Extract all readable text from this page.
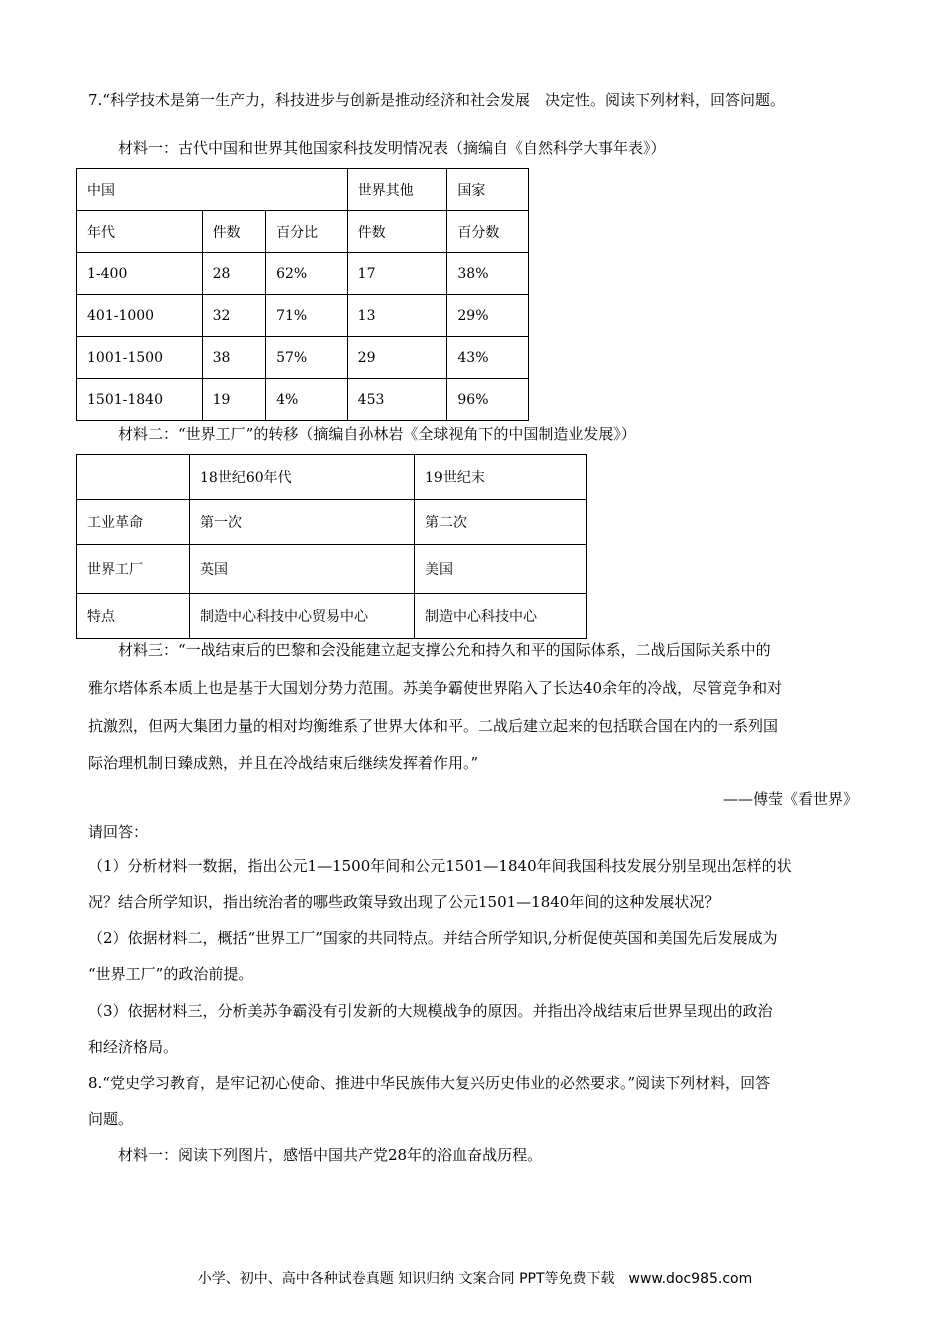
7.“科学技术是第一生产力，科技进步与创新是推动经济和社会发展　决定性。阅读下列材料，回答问题。
材料一：古代中国和世界其他国家科技发明情况表（摘编自《自然科学大事年表》）
中国			世界其他	国家
年代	件数	百分比	件数	百分数
1-400	28	62%	17	38%
401-1000	32	71%	13	29%
1001-1500	38	57%	29	43%
1501-1840	19	4%	453	96%
材料二：“世界工厂”的转移（摘编自孙林岩《全球视角下的中国制造业发展》）
	18世纪60年代	19世纪末
工业革命	第一次	第二次
世界工厂	英国	美国
特点	制造中心科技中心贸易中心	制造中心科技中心
材料三：“一战结束后的巴黎和会没能建立起支撑公允和持久和平的国际体系，二战后国际关系中的
雅尔塔体系本质上也是基于大国划分势力范围。苏美争霸使世界陷入了长达40余年的冷战，尽管竞争和对
抗激烈，但两大集团力量的相对均衡维系了世界大体和平。二战后建立起来的包括联合国在内的一系列国
际治理机制日臻成熟，并且在冷战结束后继续发挥着作用。”
——傅莹《看世界》
请回答：
（1）分析材料一数据，指出公元1—1500年间和公元1501—1840年间我国科技发展分别呈现出怎样的状
况？结合所学知识，指出统治者的哪些政策导致出现了公元1501—1840年间的这种发展状况？
（2）依据材料二，概括“世界工厂”国家的共同特点。并结合所学知识,分析促使英国和美国先后发展成为
“世界工厂”的政治前提。
（3）依据材料三，分析美苏争霸没有引发新的大规模战争的原因。并指出冷战结束后世界呈现出的政治
和经济格局。
8.“党史学习教育，是牢记初心使命、推进中华民族伟大复兴历史伟业的必然要求。”阅读下列材料，回答
问题。
材料一：阅读下列图片，感悟中国共产党28年的浴血奋战历程。
小学、初中、高中各种试卷真题 知识归纳 文案合同 PPT等免费下载　www.doc985.com
